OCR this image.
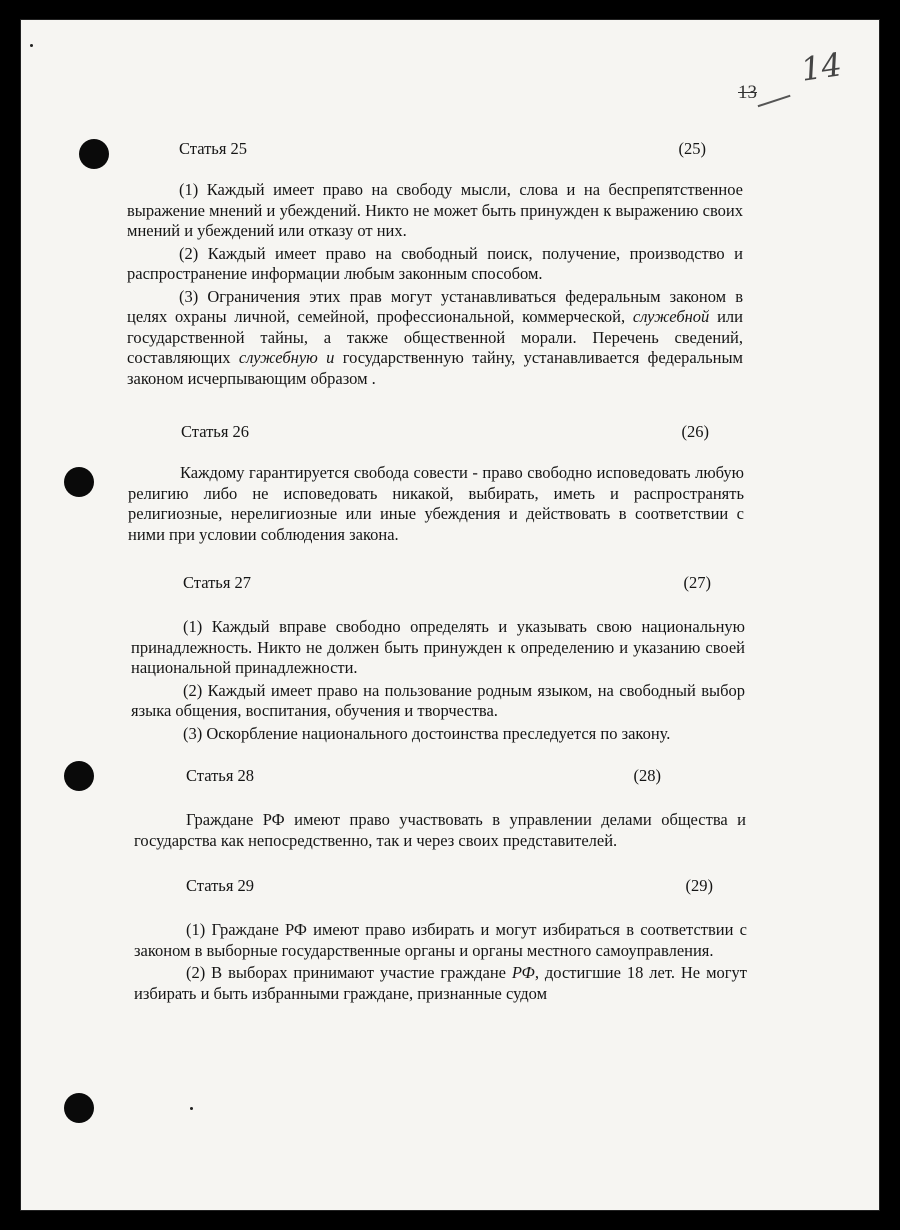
13
14
Статья 25	(25)

(1) Каждый имеет право на свободу мысли, слова и на беспрепятственное выражение мнений и убеждений. Никто не может быть принужден к выражению своих мнений и убеждений или отказу от них.

(2) Каждый имеет право на свободный поиск, получение, производство и распространение информации любым законным способом.

(3) Ограничения этих прав могут устанавливаться федеральным законом в целях охраны личной, семейной, профессиональной, коммерческой, служебной или государственной тайны, а также общественной морали. Перечень сведений, составляющих служебную и государственную тайну, устанавливается федеральным законом исчерпывающим образом .

Статья 26	(26)

Каждому гарантируется свобода совести - право свободно исповедовать любую религию либо не исповедовать никакой, выбирать, иметь и распространять религиозные, нерелигиозные или иные убеждения и действовать в соответствии с ними при условии соблюдения закона.

Статья 27	(27)

(1) Каждый вправе свободно определять и указывать свою национальную принадлежность. Никто не должен быть принужден к определению и указанию своей национальной принадлежности.

(2) Каждый имеет право на пользование родным языком, на свободный выбор языка общения, воспитания, обучения и творчества.

(3) Оскорбление национального достоинства преследуется по закону.

Статья 28	(28)

Граждане РФ имеют право участвовать в управлении делами общества и государства как непосредственно, так и через своих представителей.

Статья 29	(29)

(1) Граждане РФ имеют право избирать и могут избираться в соответствии с законом в выборные государственные органы и органы местного самоуправления.

(2) В выборах принимают участие граждане РФ, достигшие 18 лет. Не могут избирать и быть избранными граждане, признанные судом
